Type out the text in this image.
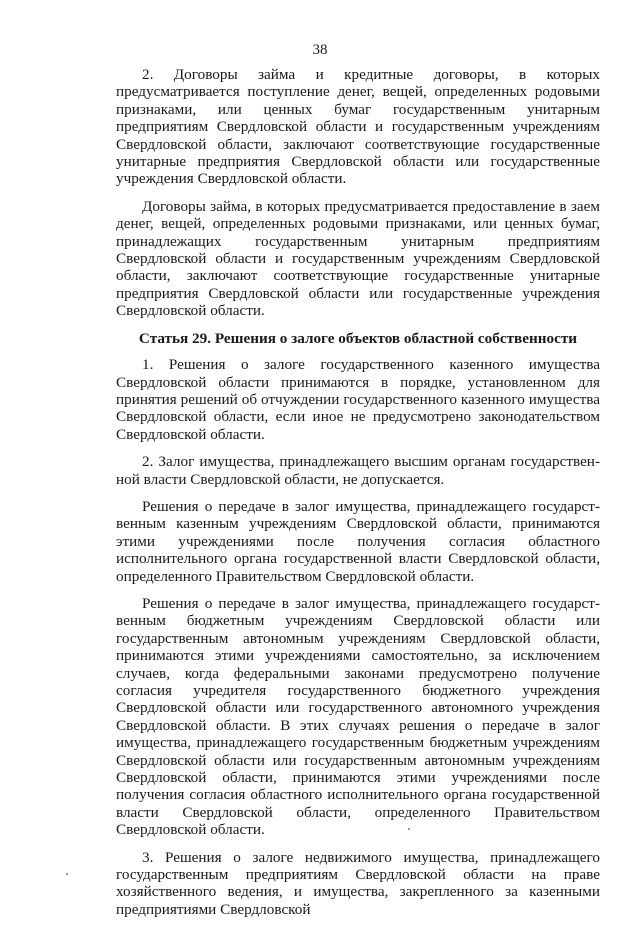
38

2. Договоры займа и кредитные договоры, в которых предусматривается поступление денег, вещей, определенных родовыми признаками, или ценных бумаг государственным унитарным предприятиям Свердловской области и государственным учреждениям Свердловской области, заключают соответствующие государственные унитарные предприятия Свердловской области или государственные учреждения Свердловской области.

Договоры займа, в которых предусматривается предоставление в заем денег, вещей, определенных родовыми признаками, или ценных бумаг, принадлежащих государственным унитарным предприятиям Свердловской области и государственным учреждениям Свердловской области, заключают соответствующие государственные унитарные предприятия Свердловской области или государственные учреждения Свердловской области.

Статья 29. Решения о залоге объектов областной собственности

1. Решения о залоге государственного казенного имущества Свердловской области принимаются в порядке, установленном для принятия решений об отчуждении государственного казенного имущества Свердловской области, если иное не предусмотрено законодательством Свердловской области.

2. Залог имущества, принадлежащего высшим органам государственной власти Свердловской области, не допускается.

Решения о передаче в залог имущества, принадлежащего государственным казенным учреждениям Свердловской области, принимаются этими учреждениями после получения согласия областного исполнительного органа государственной власти Свердловской области, определенного Правительством Свердловской области.

Решения о передаче в залог имущества, принадлежащего государственным бюджетным учреждениям Свердловской области или государственным автономным учреждениям Свердловской области, принимаются этими учреждениями самостоятельно, за исключением случаев, когда федеральными законами предусмотрено получение согласия учредителя государственного бюджетного учреждения Свердловской области или государственного автономного учреждения Свердловской области. В этих случаях решения о передаче в залог имущества, принадлежащего государственным бюджетным учреждениям Свердловской области или государственным автономным учреждениям Свердловской области, принимаются этими учреждениями после получения согласия областного исполнительного органа государственной власти Свердловской области, определенного Правительством Свердловской области.

3. Решения о залоге недвижимого имущества, принадлежащего государственным предприятиям Свердловской области на праве хозяйственного ведения, и имущества, закрепленного за казенными предприятиями Свердловской
